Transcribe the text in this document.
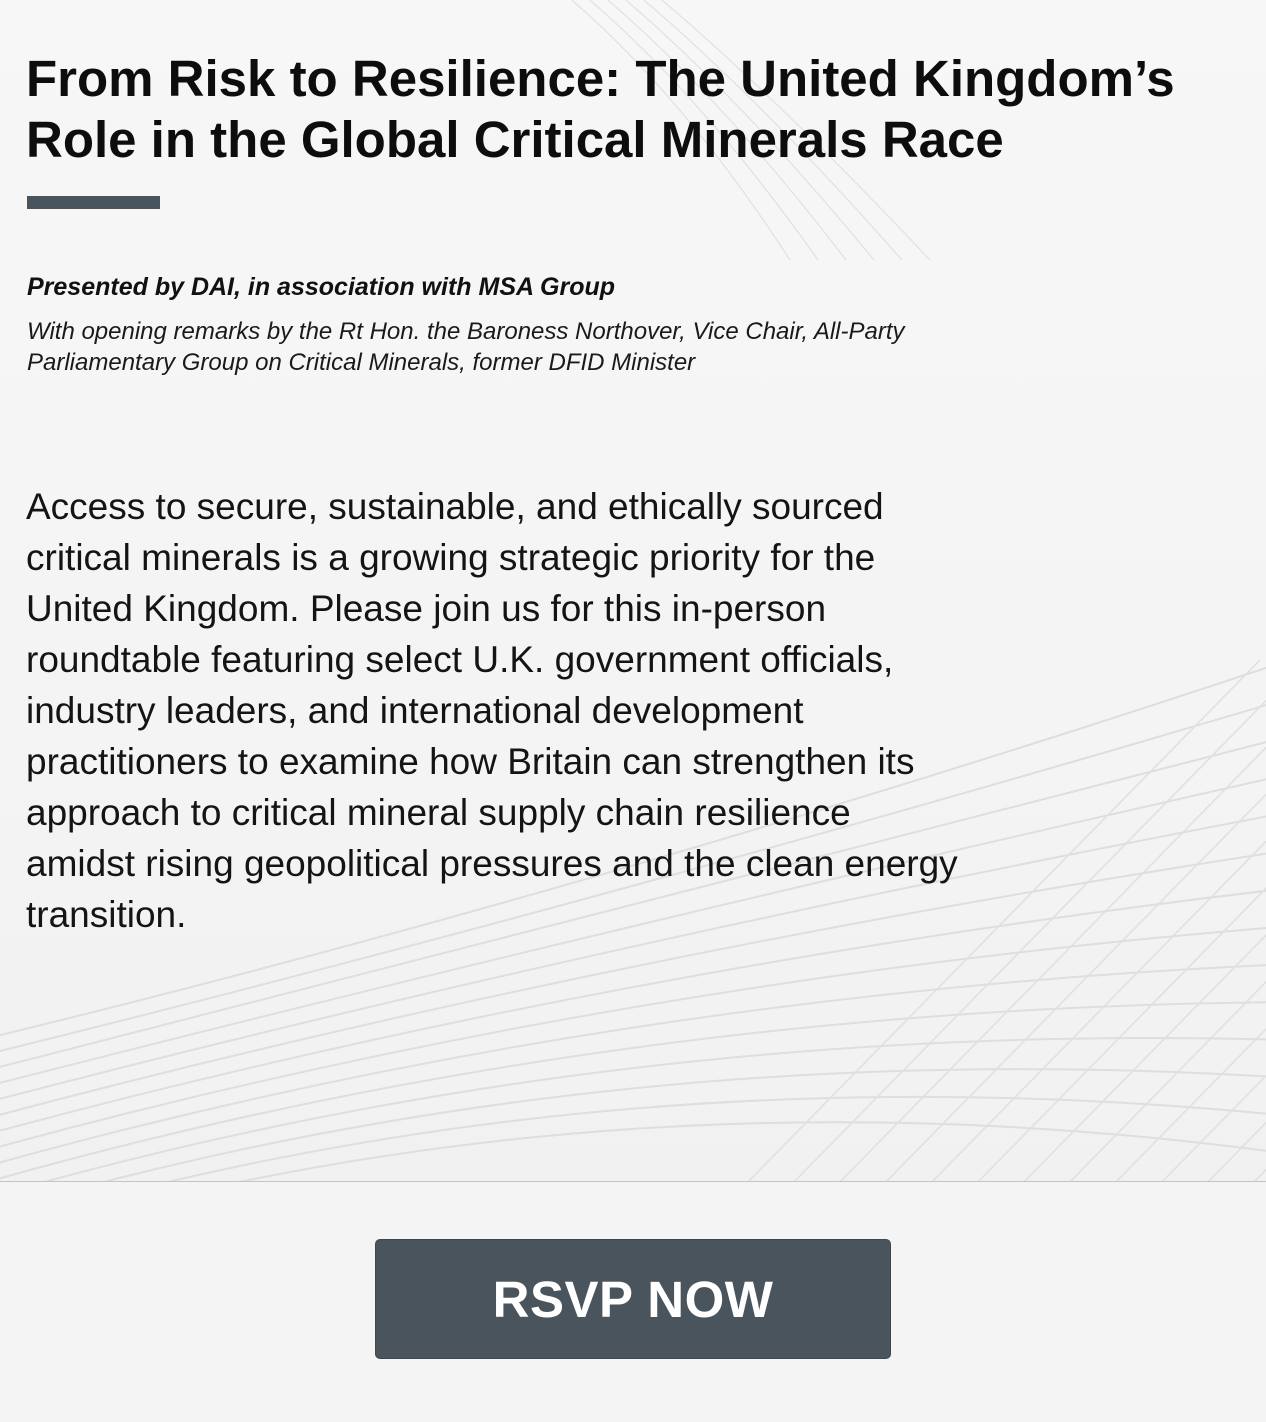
From Risk to Resilience: The United Kingdom’s Role in the Global Critical Minerals Race

Presented by DAI, in association with MSA Group

With opening remarks by the Rt Hon. the Baroness Northover, Vice Chair, All-Party Parliamentary Group on Critical Minerals, former DFID Minister

Access to secure, sustainable, and ethically sourced critical minerals is a growing strategic priority for the United Kingdom. Please join us for this in-person roundtable featuring select U.K. government officials, industry leaders, and international development practitioners to examine how Britain can strengthen its approach to critical mineral supply chain resilience amidst rising geopolitical pressures and the clean energy transition.

RSVP NOW
